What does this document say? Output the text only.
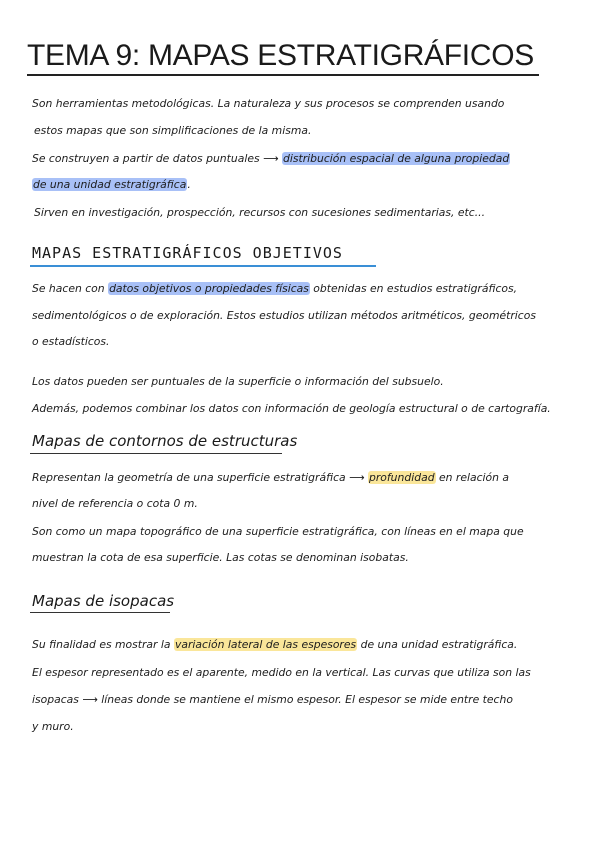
TEMA 9: MAPAS ESTRATIGRÁFICOS

Son herramientas metodológicas. La naturaleza y sus procesos se comprenden usando

estos mapas que son simplificaciones de la misma.

Se construyen a partir de datos puntuales ⟶ distribución espacial de alguna propiedad

de una unidad estratigráfica.

Sirven en investigación, prospección, recursos con sucesiones sedimentarias, etc...

MAPAS ESTRATIGRÁFICOS OBJETIVOS

Se hacen con datos objetivos o propiedades físicas obtenidas en estudios estratigráficos,

sedimentológicos o de exploración. Estos estudios utilizan métodos aritméticos, geométricos

o estadísticos.

Los datos pueden ser puntuales de la superficie o información del subsuelo.

Además, podemos combinar los datos con información de geología estructural o de cartografía.

Mapas de contornos de estructuras

Representan la geometría de una superficie estratigráfica ⟶ profundidad en relación a

nivel de referencia o cota 0 m.

Son como un mapa topográfico de una superficie estratigráfica, con líneas en el mapa que

muestran la cota de esa superficie. Las cotas se denominan isobatas.

Mapas de isopacas

Su finalidad es mostrar la variación lateral de las espesores de una unidad estratigráfica.

El espesor representado es el aparente, medido en la vertical. Las curvas que utiliza son las

isopacas ⟶ líneas donde se mantiene el mismo espesor. El espesor se mide entre techo

y muro.
